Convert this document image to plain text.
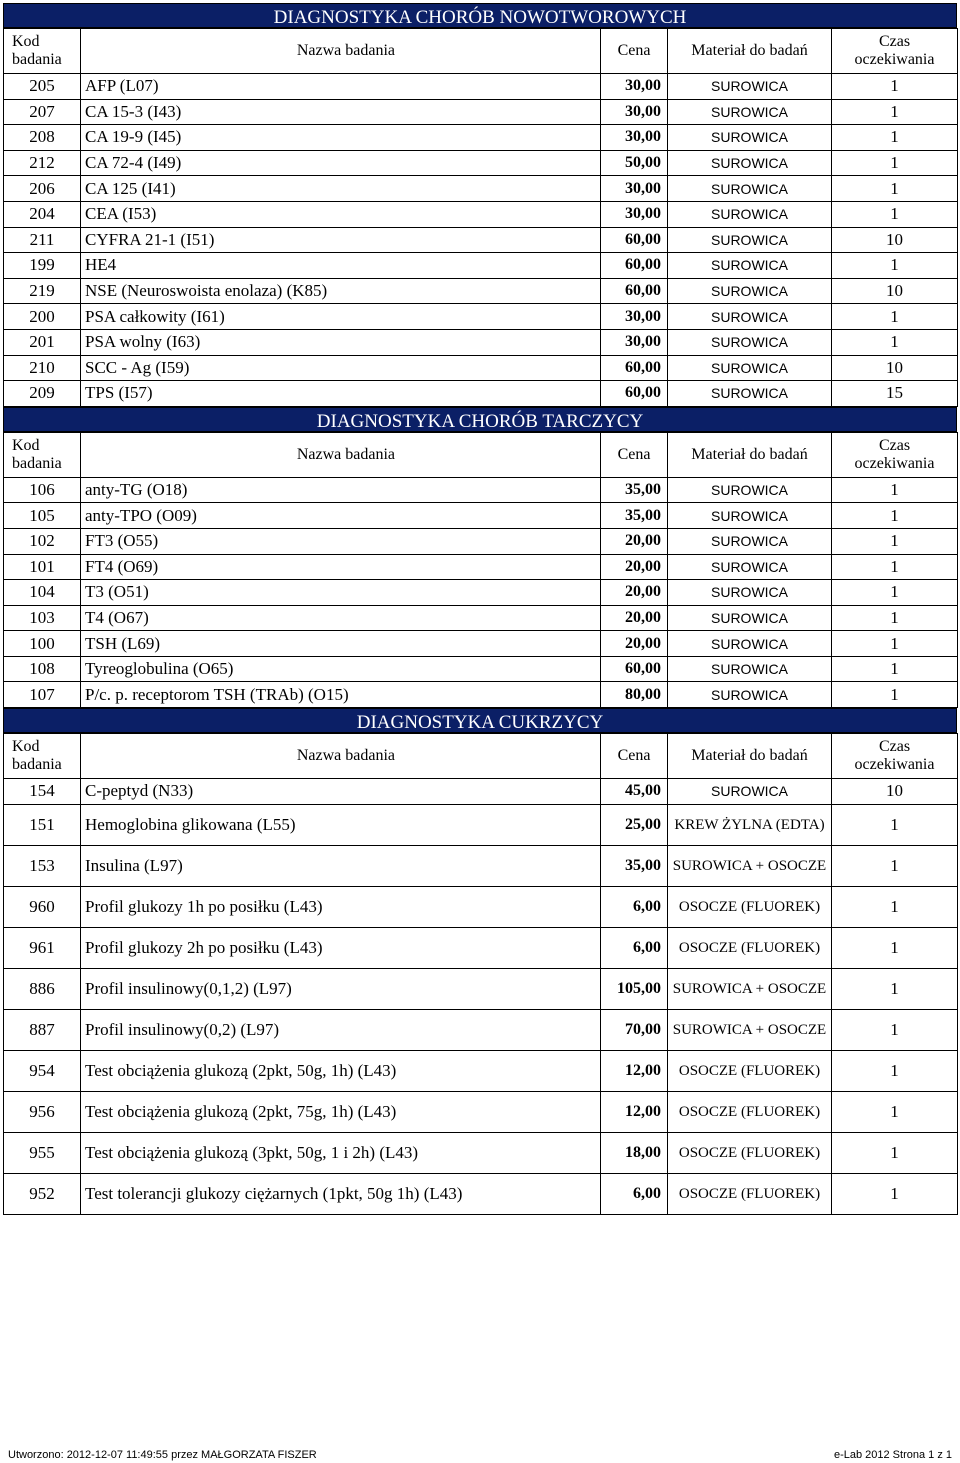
DIAGNOSTYKA CHORÓB NOWOTWOROWYCH
Kod
badania	Nazwa badania	Cena	Materiał do badań	Czas
oczekiwania
205	AFP (L07)	30,00	SUROWICA	1
207	CA 15-3 (I43)	30,00	SUROWICA	1
208	CA 19-9 (I45)	30,00	SUROWICA	1
212	CA 72-4 (I49)	50,00	SUROWICA	1
206	CA 125 (I41)	30,00	SUROWICA	1
204	CEA (I53)	30,00	SUROWICA	1
211	CYFRA 21-1 (I51)	60,00	SUROWICA	10
199	HE4	60,00	SUROWICA	1
219	NSE (Neuroswoista enolaza) (K85)	60,00	SUROWICA	10
200	PSA całkowity (I61)	30,00	SUROWICA	1
201	PSA wolny (I63)	30,00	SUROWICA	1
210	SCC - Ag (I59)	60,00	SUROWICA	10
209	TPS (I57)	60,00	SUROWICA	15
DIAGNOSTYKA CHORÓB TARCZYCY
Kod
badania	Nazwa badania	Cena	Materiał do badań	Czas
oczekiwania
106	anty-TG (O18)	35,00	SUROWICA	1
105	anty-TPO (O09)	35,00	SUROWICA	1
102	FT3 (O55)	20,00	SUROWICA	1
101	FT4 (O69)	20,00	SUROWICA	1
104	T3 (O51)	20,00	SUROWICA	1
103	T4 (O67)	20,00	SUROWICA	1
100	TSH (L69)	20,00	SUROWICA	1
108	Tyreoglobulina (O65)	60,00	SUROWICA	1
107	P/c. p. receptorom TSH (TRAb) (O15)	80,00	SUROWICA	1
DIAGNOSTYKA CUKRZYCY
Kod
badania	Nazwa badania	Cena	Materiał do badań	Czas
oczekiwania
154	C-peptyd (N33)	45,00	SUROWICA	10
151	Hemoglobina glikowana (L55)	25,00	KREW ŻYLNA (EDTA)	1
153	Insulina (L97)	35,00	SUROWICA + OSOCZE	1
960	Profil glukozy 1h po posiłku (L43)	6,00	OSOCZE (FLUOREK)	1
961	Profil glukozy 2h po posiłku (L43)	6,00	OSOCZE (FLUOREK)	1
886	Profil insulinowy(0,1,2) (L97)	105,00	SUROWICA + OSOCZE	1
887	Profil insulinowy(0,2) (L97)	70,00	SUROWICA + OSOCZE	1
954	Test obciążenia glukozą (2pkt, 50g, 1h) (L43)	12,00	OSOCZE (FLUOREK)	1
956	Test obciążenia glukozą (2pkt, 75g, 1h) (L43)	12,00	OSOCZE (FLUOREK)	1
955	Test obciążenia glukozą (3pkt, 50g, 1 i 2h) (L43)	18,00	OSOCZE (FLUOREK)	1
952	Test tolerancji glukozy ciężarnych (1pkt, 50g 1h) (L43)	6,00	OSOCZE (FLUOREK)	1
Utworzono: 2012-12-07 11:49:55 przez MAŁGORZATA FISZER	e-Lab 2012 Strona 1 z 1
